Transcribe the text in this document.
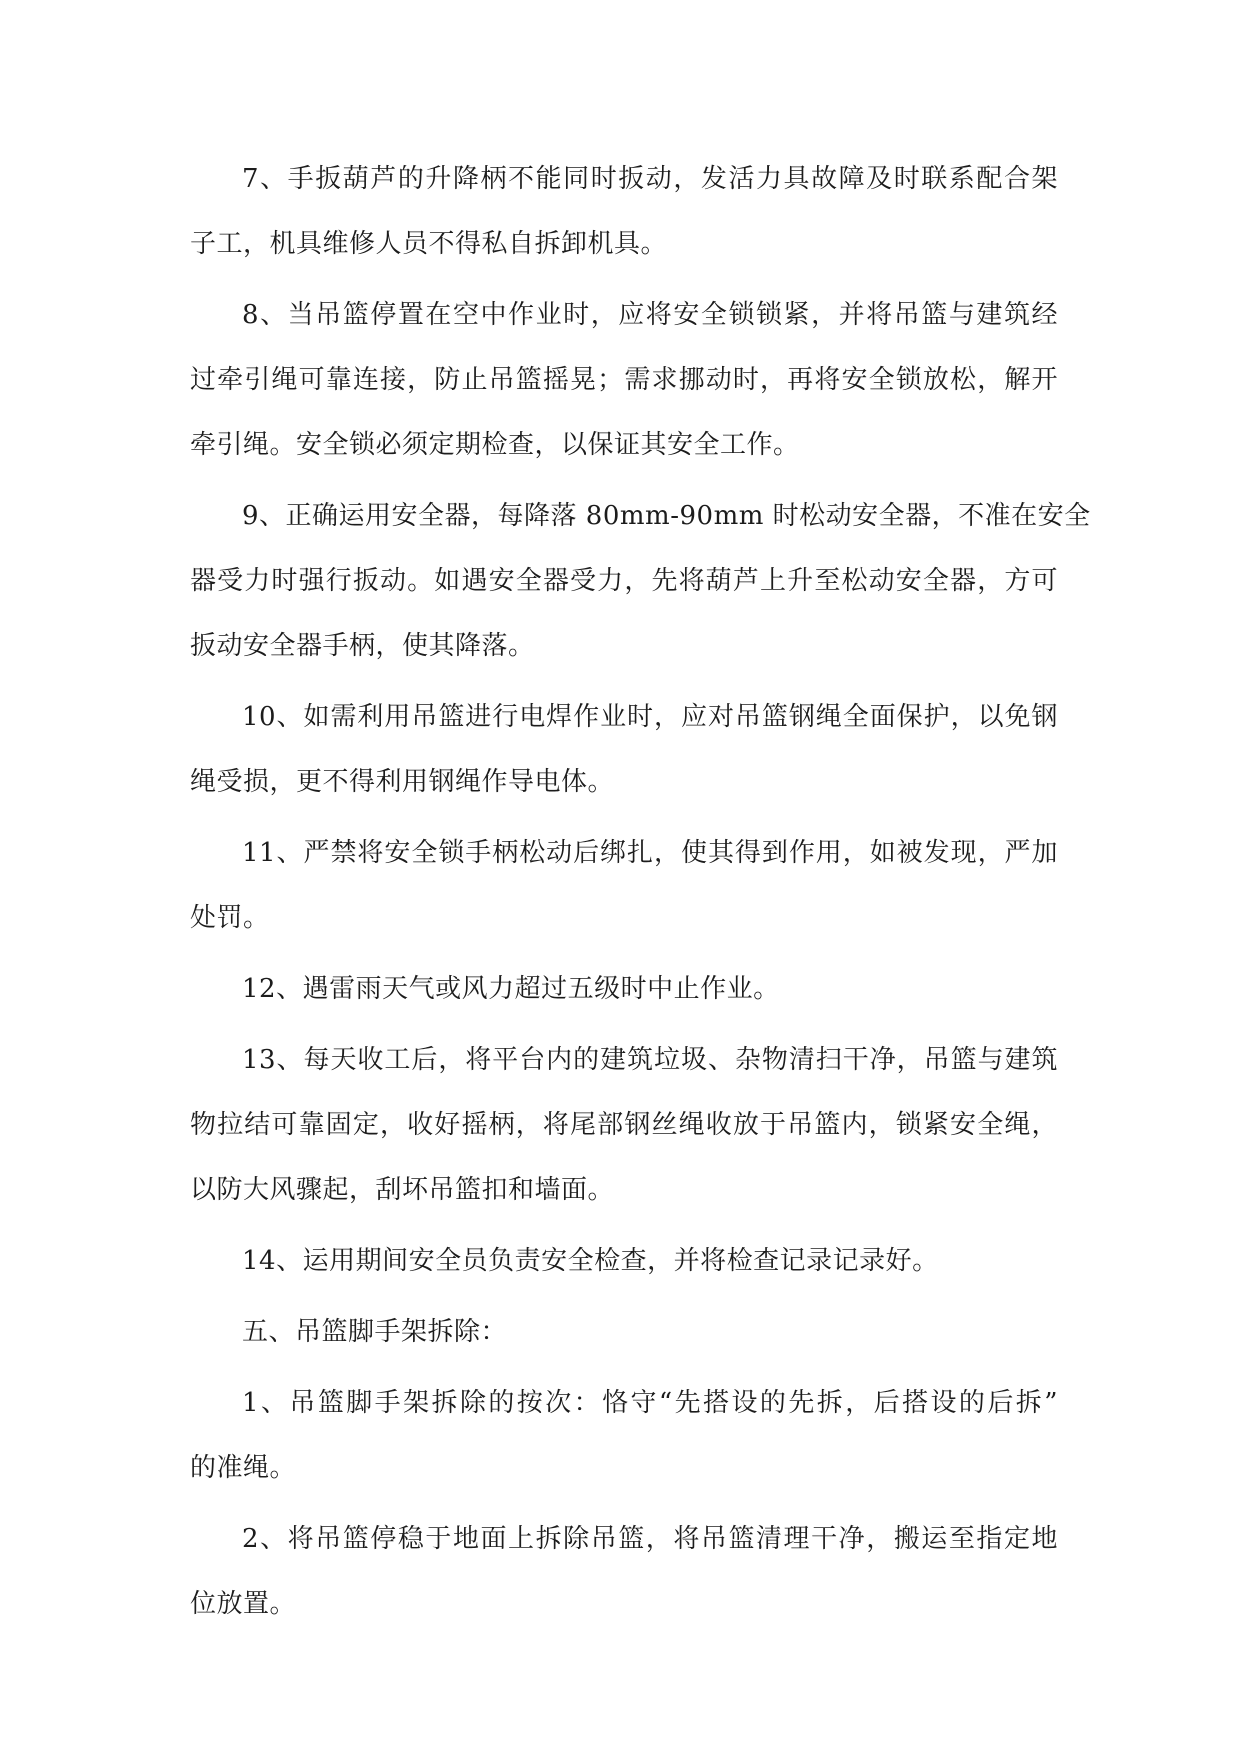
7、手扳葫芦的升降柄不能同时扳动，发活力具故障及时联系配合架
子工，机具维修人员不得私自拆卸机具。
8、当吊篮停置在空中作业时，应将安全锁锁紧，并将吊篮与建筑经
过牵引绳可靠连接，防止吊篮摇晃；需求挪动时，再将安全锁放松，解开
牵引绳。安全锁必须定期检查，以保证其安全工作。
9、正确运用安全器，每降落 80mm-90mm 时松动安全器，不准在安全
器受力时强行扳动。如遇安全器受力，先将葫芦上升至松动安全器，方可
扳动安全器手柄，使其降落。
10、如需利用吊篮进行电焊作业时，应对吊篮钢绳全面保护，以免钢
绳受损，更不得利用钢绳作导电体。
11、严禁将安全锁手柄松动后绑扎，使其得到作用，如被发现，严加
处罚。
12、遇雷雨天气或风力超过五级时中止作业。
13、每天收工后，将平台内的建筑垃圾、杂物清扫干净，吊篮与建筑
物拉结可靠固定，收好摇柄，将尾部钢丝绳收放于吊篮内，锁紧安全绳，
以防大风骤起，刮坏吊篮扣和墙面。
14、运用期间安全员负责安全检查，并将检查记录记录好。
五、吊篮脚手架拆除：
1、吊篮脚手架拆除的按次：恪守“先搭设的先拆，后搭设的后拆”
的准绳。
2、将吊篮停稳于地面上拆除吊篮，将吊篮清理干净，搬运至指定地
位放置。
